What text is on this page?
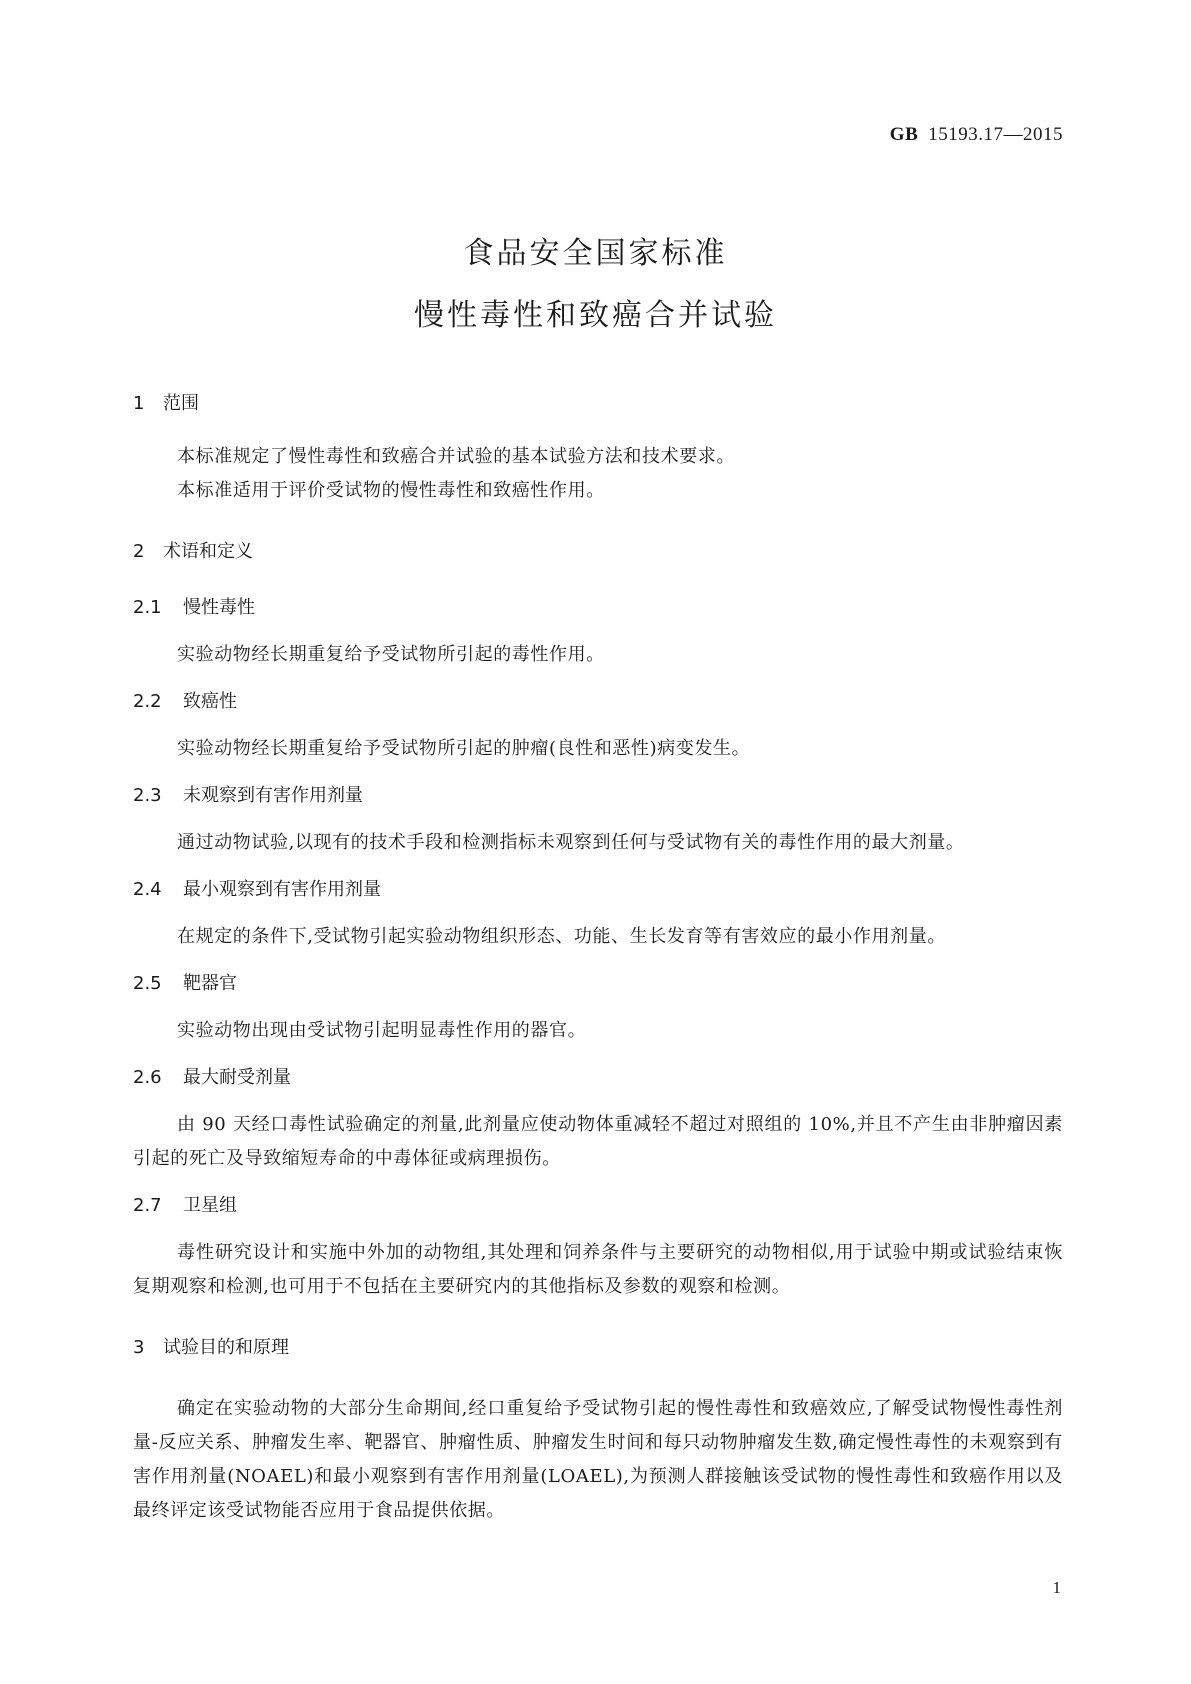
GB 15193.17—2015
食品安全国家标准
慢性毒性和致癌合并试验
1 范围
本标准规定了慢性毒性和致癌合并试验的基本试验方法和技术要求。
本标准适用于评价受试物的慢性毒性和致癌性作用。
2 术语和定义
2.1 慢性毒性
实验动物经长期重复给予受试物所引起的毒性作用。
2.2 致癌性
实验动物经长期重复给予受试物所引起的肿瘤(良性和恶性)病变发生。
2.3 未观察到有害作用剂量
通过动物试验,以现有的技术手段和检测指标未观察到任何与受试物有关的毒性作用的最大剂量。
2.4 最小观察到有害作用剂量
在规定的条件下,受试物引起实验动物组织形态、功能、生长发育等有害效应的最小作用剂量。
2.5 靶器官
实验动物出现由受试物引起明显毒性作用的器官。
2.6 最大耐受剂量
由 90 天经口毒性试验确定的剂量,此剂量应使动物体重减轻不超过对照组的 10%,并且不产生由非肿瘤因素引起的死亡及导致缩短寿命的中毒体征或病理损伤。
2.7 卫星组
毒性研究设计和实施中外加的动物组,其处理和饲养条件与主要研究的动物相似,用于试验中期或试验结束恢复期观察和检测,也可用于不包括在主要研究内的其他指标及参数的观察和检测。
3 试验目的和原理
确定在实验动物的大部分生命期间,经口重复给予受试物引起的慢性毒性和致癌效应,了解受试物慢性毒性剂量-反应关系、肿瘤发生率、靶器官、肿瘤性质、肿瘤发生时间和每只动物肿瘤发生数,确定慢性毒性的未观察到有害作用剂量(NOAEL)和最小观察到有害作用剂量(LOAEL),为预测人群接触该受试物的慢性毒性和致癌作用以及最终评定该受试物能否应用于食品提供依据。
1
